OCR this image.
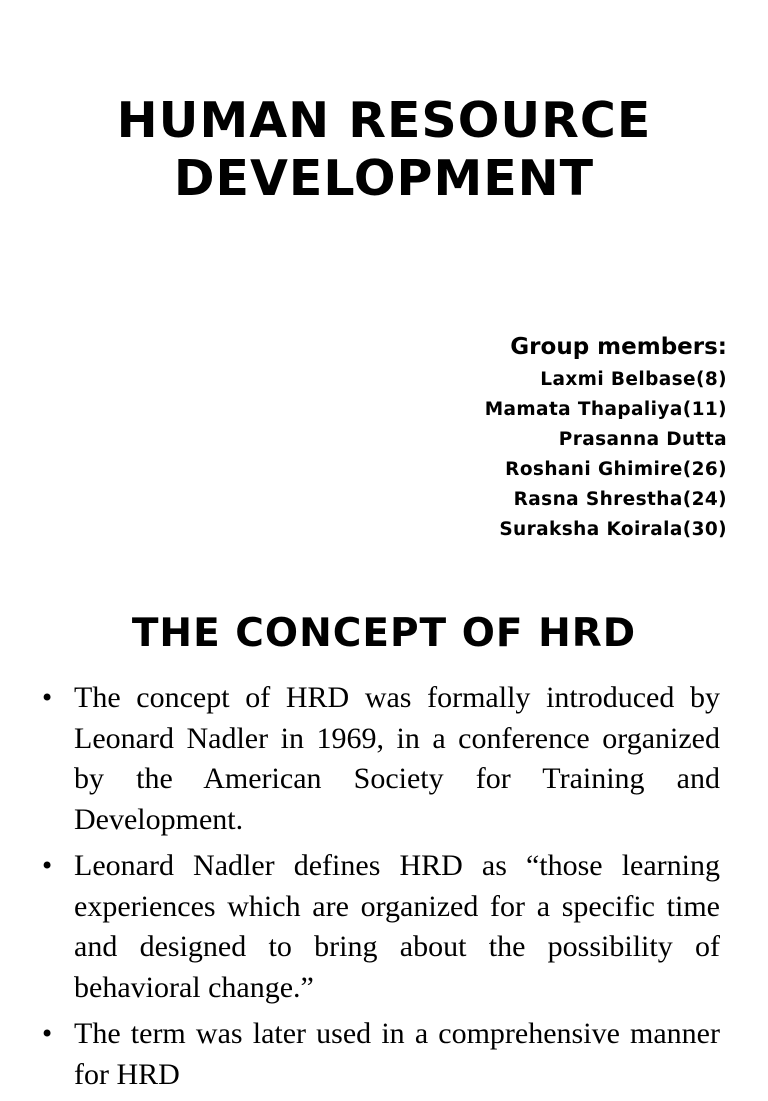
HUMAN RESOURCE
DEVELOPMENT
Group members:
Laxmi Belbase(8)
Mamata Thapaliya(11)
Prasanna Dutta
Roshani Ghimire(26)
Rasna Shrestha(24)
Suraksha Koirala(30)
THE CONCEPT OF HRD
• The concept of HRD was formally introduced by Leonard Nadler in 1969, in a conference organized by the American Society for Training and Development.
• Leonard Nadler defines HRD as “those learning experiences which are organized for a specific time and designed to bring about the possibility of behavioral change.”
• The term was later used in a comprehensive manner for HRD
